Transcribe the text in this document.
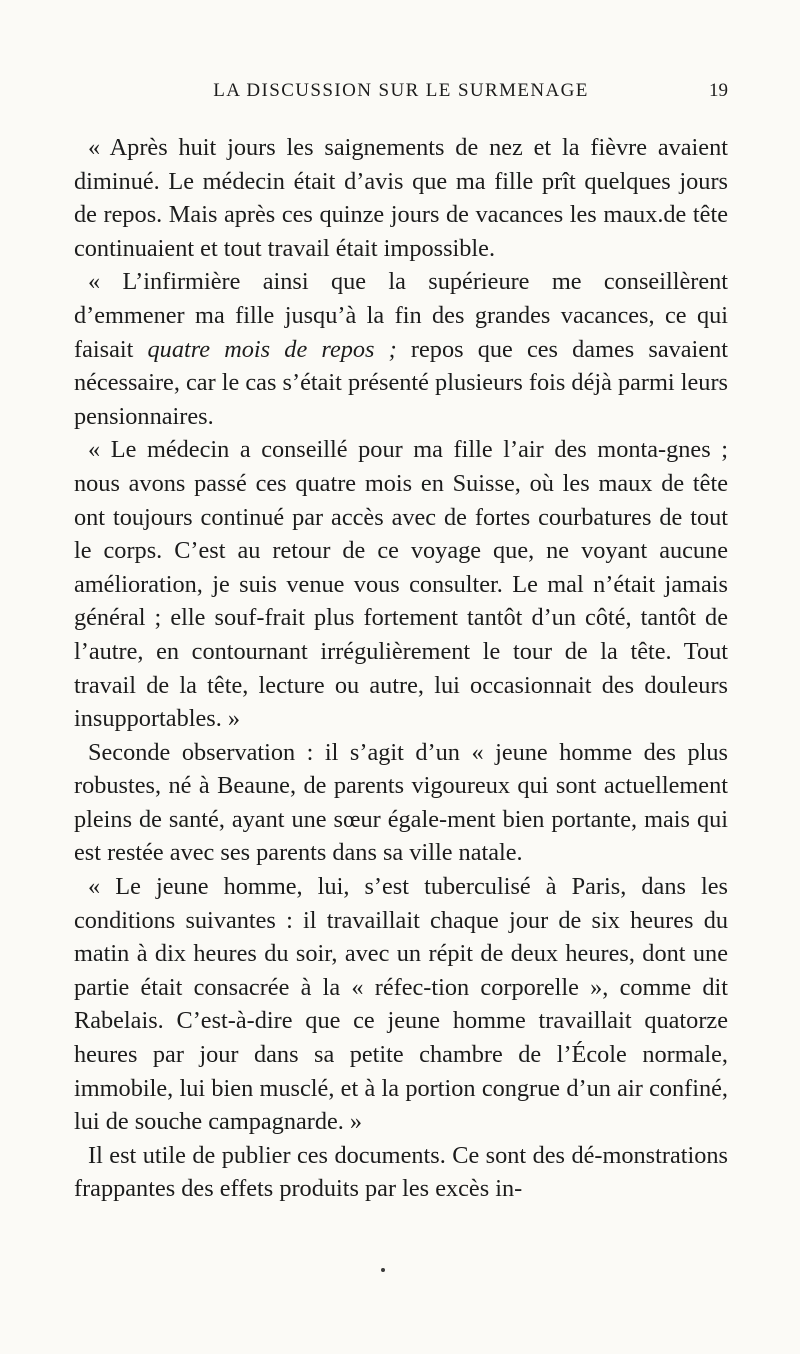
LA DISCUSSION SUR LE SURMENAGE	19

« Après huit jours les saignements de nez et la fièvre avaient diminué. Le médecin était d’avis que ma fille prît quelques jours de repos. Mais après ces quinze jours de vacances les maux.de tête continuaient et tout travail était impossible.

« L’infirmière ainsi que la supérieure me conseillèrent d’emmener ma fille jusqu’à la fin des grandes vacances, ce qui faisait quatre mois de repos ; repos que ces dames savaient nécessaire, car le cas s’était présenté plusieurs fois déjà parmi leurs pensionnaires.

« Le médecin a conseillé pour ma fille l’air des monta-gnes ; nous avons passé ces quatre mois en Suisse, où les maux de tête ont toujours continué par accès avec de fortes courbatures de tout le corps. C’est au retour de ce voyage que, ne voyant aucune amélioration, je suis venue vous consulter. Le mal n’était jamais général ; elle souf-frait plus fortement tantôt d’un côté, tantôt de l’autre, en contournant irrégulièrement le tour de la tête. Tout travail de la tête, lecture ou autre, lui occasionnait des douleurs insupportables. »

Seconde observation : il s’agit d’un « jeune homme des plus robustes, né à Beaune, de parents vigoureux qui sont actuellement pleins de santé, ayant une sœur égale-ment bien portante, mais qui est restée avec ses parents dans sa ville natale.

« Le jeune homme, lui, s’est tuberculisé à Paris, dans les conditions suivantes : il travaillait chaque jour de six heures du matin à dix heures du soir, avec un répit de deux heures, dont une partie était consacrée à la « réfec-tion corporelle », comme dit Rabelais. C’est-à-dire que ce jeune homme travaillait quatorze heures par jour dans sa petite chambre de l’École normale, immobile, lui bien musclé, et à la portion congrue d’un air confiné, lui de souche campagnarde. »

Il est utile de publier ces documents. Ce sont des dé-monstrations frappantes des effets produits par les excès in-
